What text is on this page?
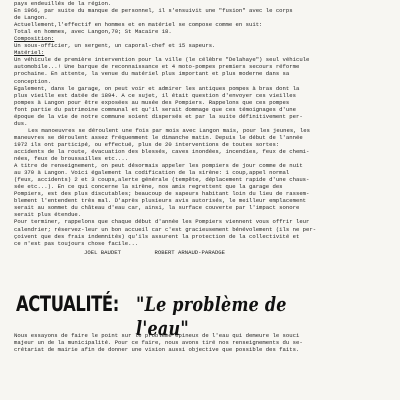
pays endeuillés de la région.
En 1966, par suite du manque de personnel, il s'ensuivit une "fusion" avec le corps
de Langon.
Actuellement,l'effectif en hommes et en matériel se compose comme en suit:
Total en hommes, avec Langon,70; St Macaire 18.
Composition:
Un sous-officier, un sergent, un caporal-chef et 15 sapeurs.
Matériel:
Un véhicule de première intervention pour la ville (le célèbre "Delahaye") seul véhicule
automobile...! Une barque de reconnaissance et 4 moto-pompes premiers secours réforme
prochaine. En attente, la venue du matériel plus important et plus moderne dans sa
conception.
Egalement, dans le garage, on peut voir et admirer les antiques pompes à bras dont la
plus vieille est datée de 1894. A ce sujet, il était question d'envoyer ces vieilles
pompes à Langon pour être exposées au musée des Pompiers. Rappelons que ces pompes
font partie du patrimoine communal et qu'il serait dommage que ces témoignages d'une
époque de la vie de notre commune soient dispersés et par la suite définitivement per-
dus.
Les manoeuvres se déroulent une fois par mois avec Langon mais, pour les jeunes, les
maneuvres se déroulent assez fréquemment le dimanche matin. Depuis le début de l'année
1972 ils ont participé, ou effectué, plus de 20 interventions de toutes sortes:
accidents de la route, évacuation des blessés, caves inondées, incendies, feux de chemi-
nées, feux de broussailles etc....
A titre de renseignement, on peut désormais appeler les pompiers de jour comme de nuit
au 370 à Langon. Voici également la codification de la sirène: 1 coup,appel normal
(feux, accidents) 2 et 3 coups,alerte générale (tempête, déplacement rapide d'une chaus-
sée etc...). En ce qui concerne la sirène, nos amis regrettent que la garage des
Pompiers, est des plus discutables; beaucoup de sapeurs habitant loin du lieu de rassem-
blement l'entendent très mal. D'après plusieurs avis autorisés, le meilleur emplacement
serait au sommet du château d'eau car, ainsi, la surface couverte par l'impact sonore
serait plus étendue.
Pour terminer, rappelons que chaque début d'année les Pompiers viennent vous offrir leur
calendrier; réservez-leur un bon accueil car c'est gracieusement bénévolement (ils ne per-
çoivent que des frais indemnités) qu'ils assurent la protection de la collectivité et
ce n'est pas toujours chose facile...
JOEL BAUDET	ROBERT ARNAUD-PARADGE
ACTUALITÉ: "Le problème de l'eau"
Nous essayons de faire le point sur le problème épineux de l'eau qui demeure le souci
majeur un de la municipalité. Pour ce faire, nous avons tiré nos renseignements du se-
crétariat de mairie afin de donner une vision aussi objective que possible des faits.
